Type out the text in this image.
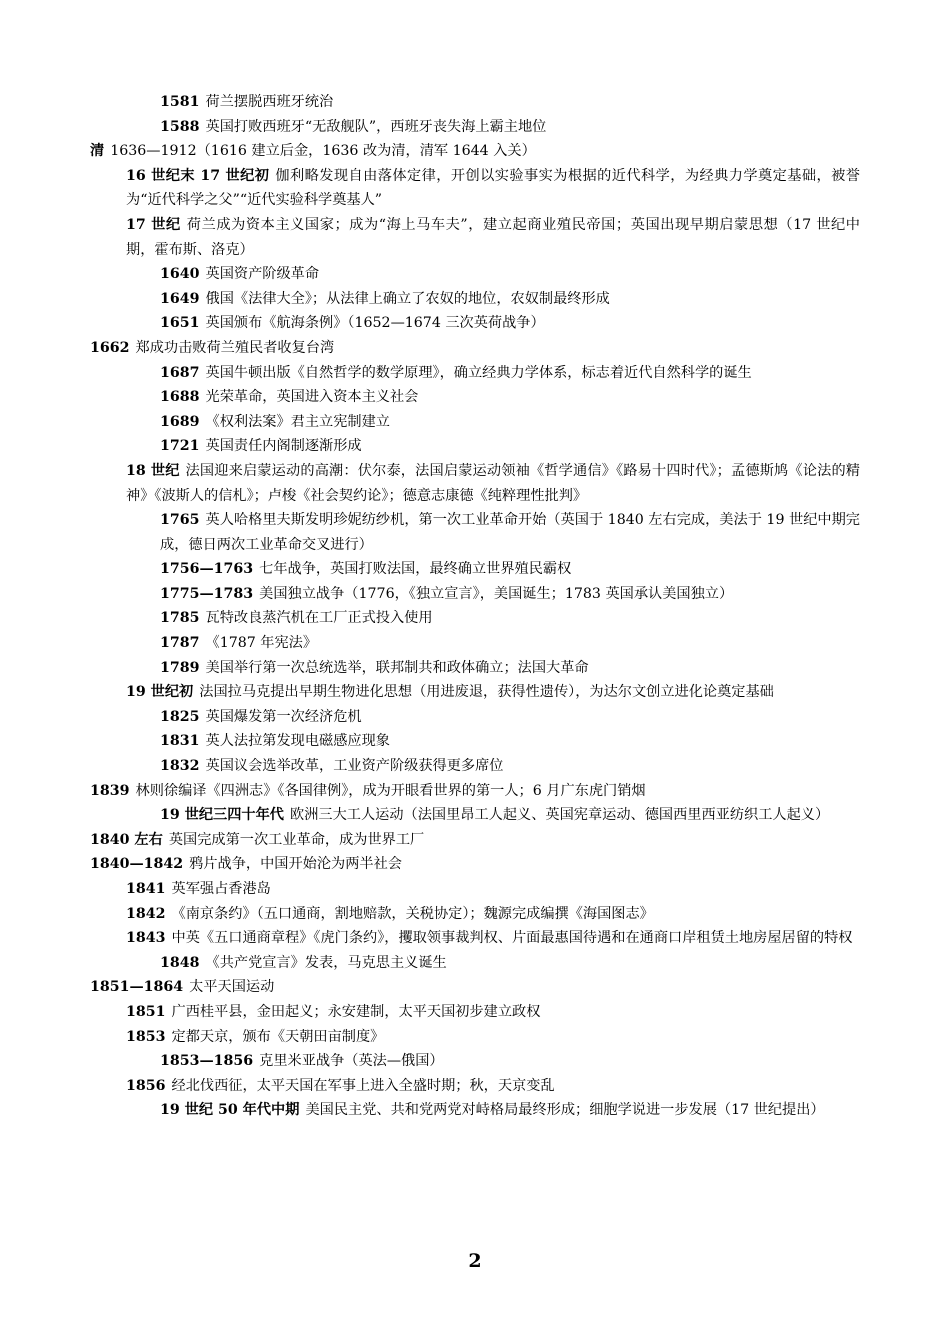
1581 荷兰摆脱西班牙统治

1588 英国打败西班牙“无敌舰队”，西班牙丧失海上霸主地位

清 1636—1912（1616 建立后金，1636 改为清，清军 1644 入关）

16 世纪末 17 世纪初 伽利略发现自由落体定律，开创以实验事实为根据的近代科学，为经典力学奠定基础，被誉为“近代科学之父”“近代实验科学奠基人”

17 世纪 荷兰成为资本主义国家；成为“海上马车夫”，建立起商业殖民帝国；英国出现早期启蒙思想（17 世纪中期，霍布斯、洛克）

1640 英国资产阶级革命

1649 俄国《法律大全》；从法律上确立了农奴的地位，农奴制最终形成

1651 英国颁布《航海条例》（1652—1674 三次英荷战争）

1662 郑成功击败荷兰殖民者收复台湾

1687 英国牛顿出版《自然哲学的数学原理》，确立经典力学体系，标志着近代自然科学的诞生

1688 光荣革命，英国进入资本主义社会

1689 《权利法案》君主立宪制建立

1721 英国责任内阁制逐渐形成

18 世纪 法国迎来启蒙运动的高潮：伏尔泰，法国启蒙运动领袖《哲学通信》《路易十四时代》；孟德斯鸠《论法的精神》《波斯人的信札》；卢梭《社会契约论》；德意志康德《纯粹理性批判》

1765 英人哈格里夫斯发明珍妮纺纱机，第一次工业革命开始（英国于 1840 左右完成，美法于 19 世纪中期完成，德日两次工业革命交叉进行）

1756—1763 七年战争，英国打败法国，最终确立世界殖民霸权

1775—1783 美国独立战争（1776，《独立宣言》，美国诞生；1783 英国承认美国独立）

1785 瓦特改良蒸汽机在工厂正式投入使用

1787 《1787 年宪法》

1789 美国举行第一次总统选举，联邦制共和政体确立；法国大革命

19 世纪初 法国拉马克提出早期生物进化思想（用进废退，获得性遗传），为达尔文创立进化论奠定基础

1825 英国爆发第一次经济危机

1831 英人法拉第发现电磁感应现象

1832 英国议会选举改革，工业资产阶级获得更多席位

1839 林则徐编译《四洲志》《各国律例》，成为开眼看世界的第一人；6 月广东虎门销烟

19 世纪三四十年代 欧洲三大工人运动（法国里昂工人起义、英国宪章运动、德国西里西亚纺织工人起义）

1840 左右 英国完成第一次工业革命，成为世界工厂

1840—1842 鸦片战争，中国开始沦为两半社会

1841 英军强占香港岛

1842 《南京条约》（五口通商，割地赔款，关税协定）；魏源完成编撰《海国图志》

1843 中英《五口通商章程》《虎门条约》，攫取领事裁判权、片面最惠国待遇和在通商口岸租赁土地房屋居留的特权

1848 《共产党宣言》发表，马克思主义诞生

1851—1864 太平天国运动

1851 广西桂平县，金田起义；永安建制，太平天国初步建立政权

1853 定都天京，颁布《天朝田亩制度》

1853—1856 克里米亚战争（英法—俄国）

1856 经北伐西征，太平天国在军事上进入全盛时期；秋，天京变乱

19 世纪 50 年代中期 美国民主党、共和党两党对峙格局最终形成；细胞学说进一步发展（17 世纪提出）

2
